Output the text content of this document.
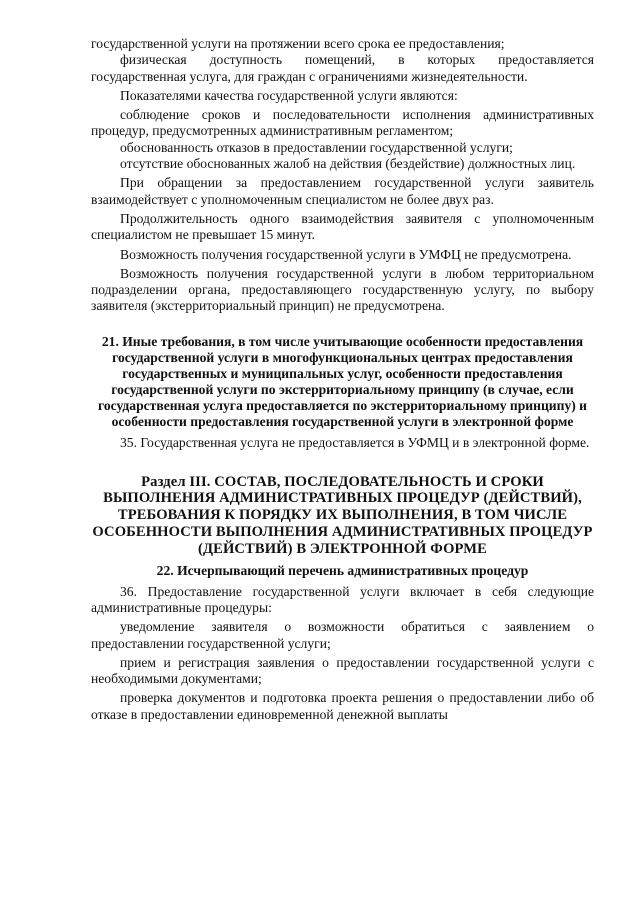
государственной услуги на протяжении всего срока ее предоставления;

физическая доступность помещений, в которых предоставляется государственная услуга, для граждан с ограничениями жизнедеятельности.

Показателями качества государственной услуги являются:

соблюдение сроков и последовательности исполнения административных процедур, предусмотренных административным регламентом;

обоснованность отказов в предоставлении государственной услуги;

отсутствие обоснованных жалоб на действия (бездействие) должностных лиц.

При обращении за предоставлением государственной услуги заявитель взаимодействует с уполномоченным специалистом не более двух раз.

Продолжительность одного взаимодействия заявителя с уполномоченным специалистом не превышает 15 минут.

Возможность получения государственной услуги в УМФЦ не предусмотрена.

Возможность получения государственной услуги в любом территориальном подразделении органа, предоставляющего государственную услугу, по выбору заявителя (экстерриториальный принцип) не предусмотрена.

21. Иные требования, в том числе учитывающие особенности предоставления государственной услуги в многофункциональных центрах предоставления государственных и муниципальных услуг, особенности предоставления государственной услуги по экстерриториальному принципу (в случае, если государственная услуга предоставляется по экстерриториальному принципу) и особенности предоставления государственной услуги в электронной форме

35. Государственная услуга не предоставляется в УФМЦ и в электронной форме.

Раздел III. СОСТАВ, ПОСЛЕДОВАТЕЛЬНОСТЬ И СРОКИ ВЫПОЛНЕНИЯ АДМИНИСТРАТИВНЫХ ПРОЦЕДУР (ДЕЙСТВИЙ), ТРЕБОВАНИЯ К ПОРЯДКУ ИХ ВЫПОЛНЕНИЯ, В ТОМ ЧИСЛЕ ОСОБЕННОСТИ ВЫПОЛНЕНИЯ АДМИНИСТРАТИВНЫХ ПРОЦЕДУР (ДЕЙСТВИЙ) В ЭЛЕКТРОННОЙ ФОРМЕ

22. Исчерпывающий перечень административных процедур

36. Предоставление государственной услуги включает в себя следующие административные процедуры:

уведомление заявителя о возможности обратиться с заявлением о предоставлении государственной услуги;

прием и регистрация заявления о предоставлении государственной услуги с необходимыми документами;

проверка документов и подготовка проекта решения о предоставлении либо об отказе в предоставлении единовременной денежной выплаты
